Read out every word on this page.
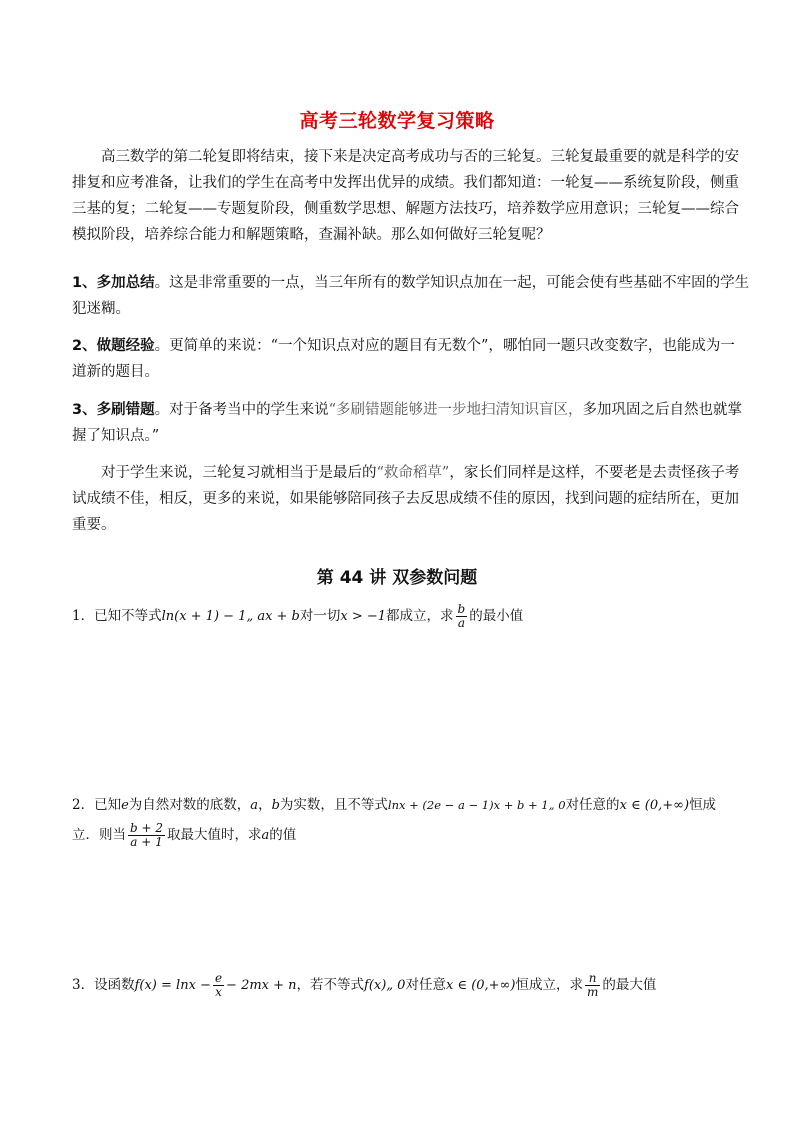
高考三轮数学复习策略
高三数学的第二轮复即将结束，接下来是决定高考成功与否的三轮复。三轮复最重要的就是科学的安
排复和应考准备，让我们的学生在高考中发挥出优异的成绩。我们都知道：一轮复——系统复阶段，侧重
三基的复；二轮复——专题复阶段，侧重数学思想、解题方法技巧，培养数学应用意识；三轮复——综合
模拟阶段，培养综合能力和解题策略，查漏补缺。那么如何做好三轮复呢？
1、多加总结。这是非常重要的一点，当三年所有的数学知识点加在一起，可能会使有些基础不牢固的学生
犯迷糊。
2、做题经验。更简单的来说：“一个知识点对应的题目有无数个”，哪怕同一题只改变数字，也能成为一
道新的题目。
3、多刷错题。对于备考当中的学生来说“多刷错题能够进一步地扫清知识盲区，多加巩固之后自然也就掌
握了知识点。”
对于学生来说，三轮复习就相当于是最后的“救命稻草”，家长们同样是这样，不要老是去责怪孩子考
试成绩不佳，相反，更多的来说，如果能够陪同孩子去反思成绩不佳的原因，找到问题的症结所在，更加
重要。
第 44 讲 双参数问题
1．已知不等式ln(x + 1) − 1„ ax + b对一切x > −1都成立，求 $\frac{b}{a}$ 的最小值
2．已知e为自然对数的底数，a，b为实数，且不等式lnx + (2e − a − 1)x + b + 1„ 0对任意的x ∈ (0,+∞)恒成
立．则当 $\frac{b + 2}{a + 1}$ 取最大值时，求a的值
3．设函数$f(x) = \ln x - \frac{e}{x} - 2mx + n$，若不等式f(x)„ 0对任意x ∈ (0,+∞)恒成立，求 $\frac{n}{m}$ 的最大值
